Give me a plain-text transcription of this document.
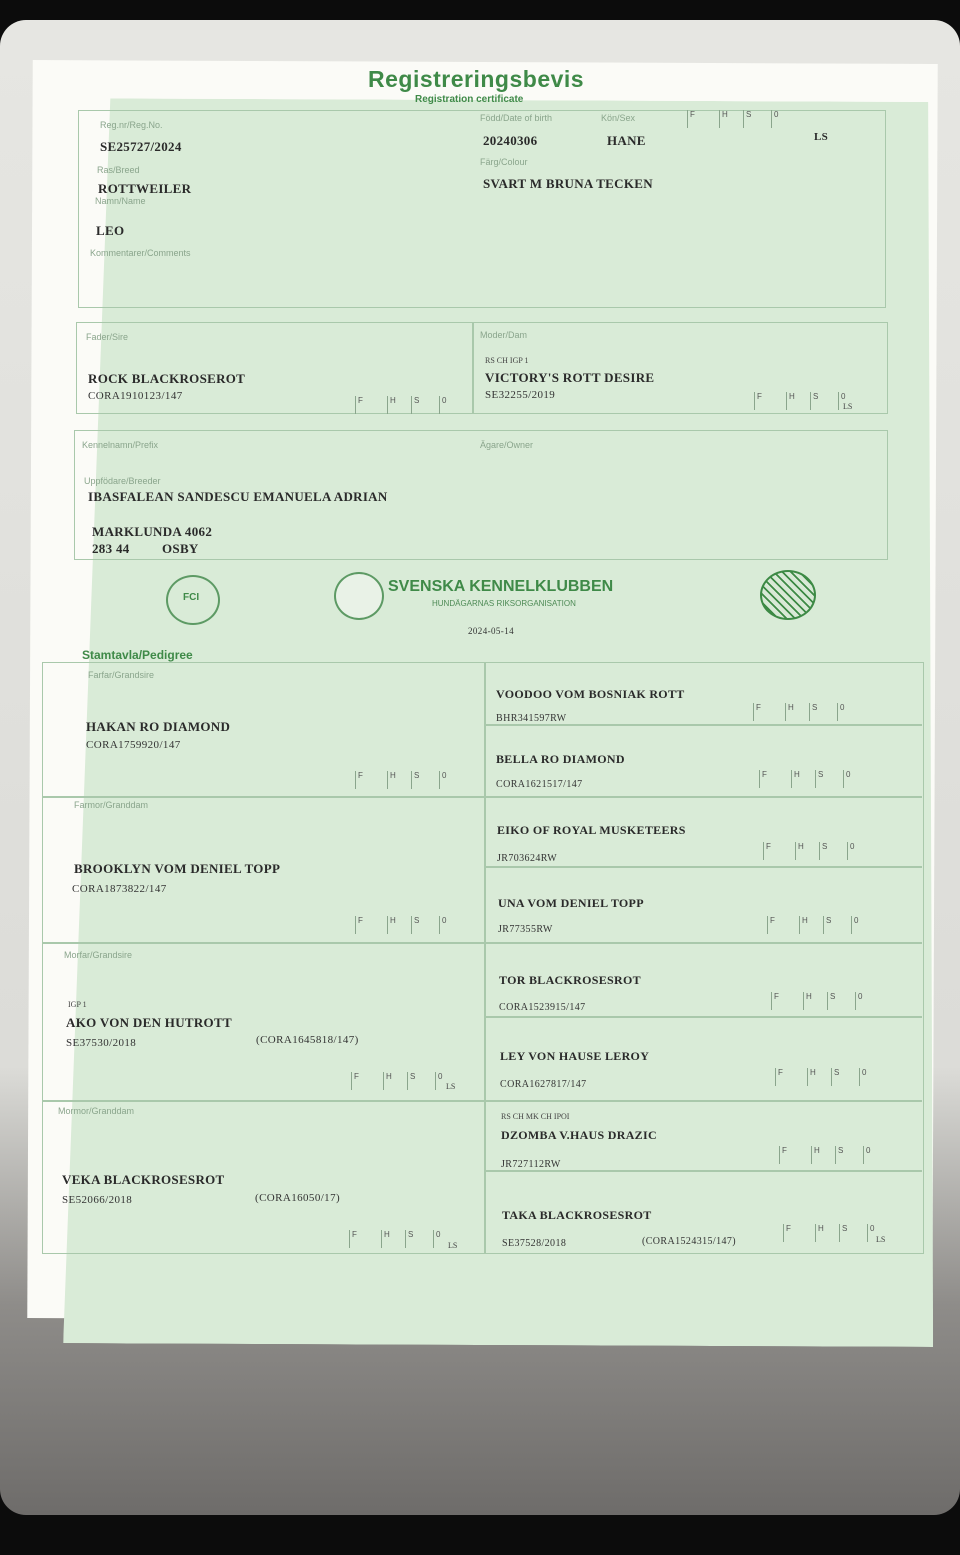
Registreringsbevis
Registration certificate
Reg.nr/Reg.No.
SE25727/2024
Född/Date of birth
20240306
Kön/Sex
HANE
F	H S	0
LS
Ras/Breed
ROTTWEILER
Färg/Colour
SVART M BRUNA TECKEN
Namn/Name
LEO
Kommentarer/Comments
Fader/Sire
ROCK BLACKROSEROT
CORA1910123/147	F	H S	0
Moder/Dam
RS CH IGP 1
VICTORY'S ROTT DESIRE
SE32255/2019	F	H S	0
LS
Kennelnamn/Prefix	Ägare/Owner
Uppfödare/Breeder
IBASFALEAN SANDESCU EMANUELA ADRIAN
MARKLUNDA 4062
283 44 OSBY
FCI
SVENSKA KENNELKLUBBEN
HUNDÄGARNAS RIKSORGANISATION
2024-05-14
Stamtavla/Pedigree
Farfar/Grandsire
HAKAN RO DIAMOND
CORA1759920/147
F	H S	0
Farmor/Granddam
BROOKLYN VOM DENIEL TOPP
CORA1873822/147
F	H S	0
Morfar/Grandsire
IGP 1
AKO VON DEN HUTROTT
SE37530/2018	(CORA1645818/147)
F	H S	0
LS
Mormor/Granddam
VEKA BLACKROSESROT
SE52066/2018	(CORA16050/17)
F	H S	0
LS
VOODOO VOM BOSNIAK ROTT
BHR341597RW
F	H S	0
BELLA RO DIAMOND
CORA1621517/147
F	H S	0
EIKO OF ROYAL MUSKETEERS
JR703624RW
F	H S	0
UNA VOM DENIEL TOPP
JR77355RW
F	H S	0
TOR BLACKROSESROT
CORA1523915/147
F	H S	0
LEY VON HAUSE LEROY
CORA1627817/147
F	H S	0
RS CH MK CH IPOI
DZOMBA V.HAUS DRAZIC
JR727112RW
F	H S	0
TAKA BLACKROSESROT
SE37528/2018	(CORA1524315/147)
F	H S	0
LS
